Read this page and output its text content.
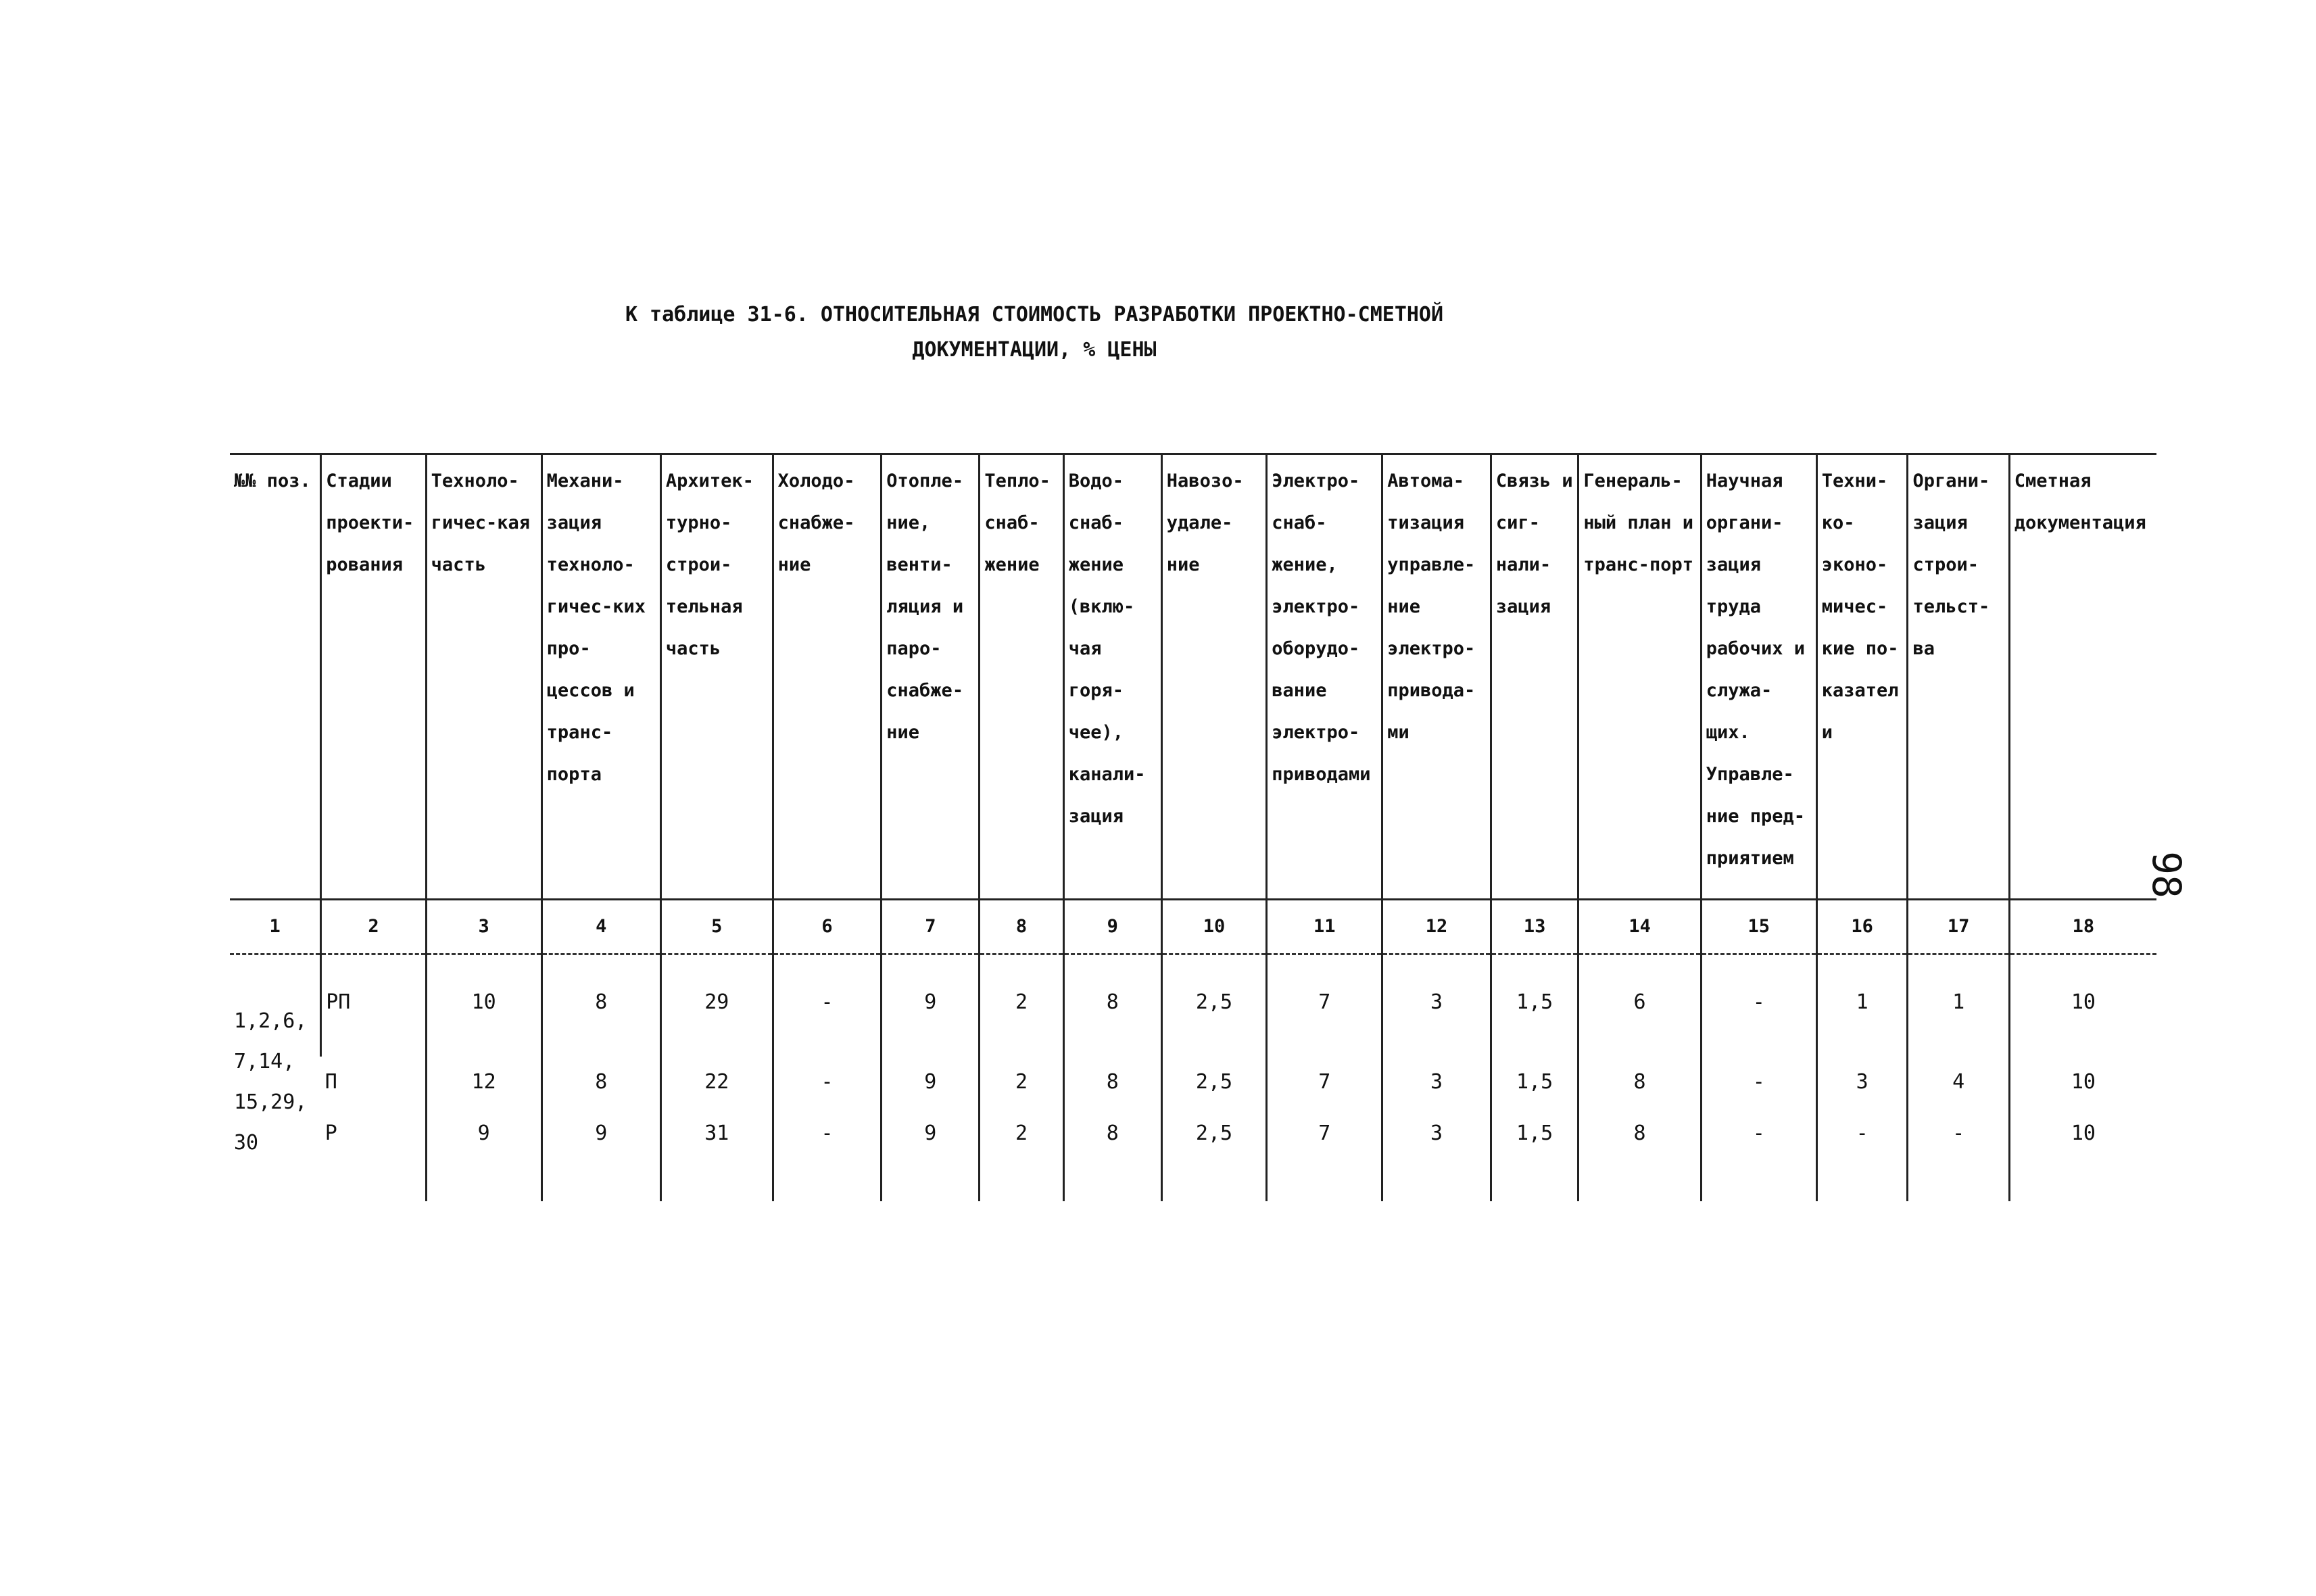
К таблице 31-6. ОТНОСИТЕЛЬНАЯ СТОИМОСТЬ РАЗРАБОТКИ ПРОЕКТНО-СМЕТНОЙ
ДОКУМЕНТАЦИИ, % ЦЕНЫ
98
№№ поз.	Стадии проекти-рования	Техноло-гичес-кая часть	Механи-зация техноло-гичес-ких про-цессов и транс-порта	Архитек-турно-строи-тельная часть	Холодо-снабже-ние	Отопле-ние, венти-ляция и паро-снабже-ние	Тепло-снаб-жение	Водо-снаб-жение (вклю-чая горя-чее), канали-зация	Навозо-удале-ние	Электро-снаб-жение, электро-оборудо-вание электро-приводами	Автома-тизация управле-ние электро-привода-ми	Связь и сиг-нали-зация	Генераль-ный план и транс-порт	Научная органи-зация труда рабочих и служа-щих. Управле-ние пред-приятием	Техни-ко-эконо-мичес-кие по-казатели	Органи-зация строи-тельст-ва	Сметная документация
1	2	3	4	5	6	7	8	9	10	11	12	13	14	15	16	17	18

1,2,6,
7,14,
15,29,
30	РП	10	8	29	-	9	2	8	2,5	7	3	1,5	6	-	1	1	10
	П	12	8	22	-	9	2	8	2,5	7	3	1,5	8	-	3	4	10
	Р	9	9	31	-	9	2	8	2,5	7	3	1,5	8	-	-	-	10
